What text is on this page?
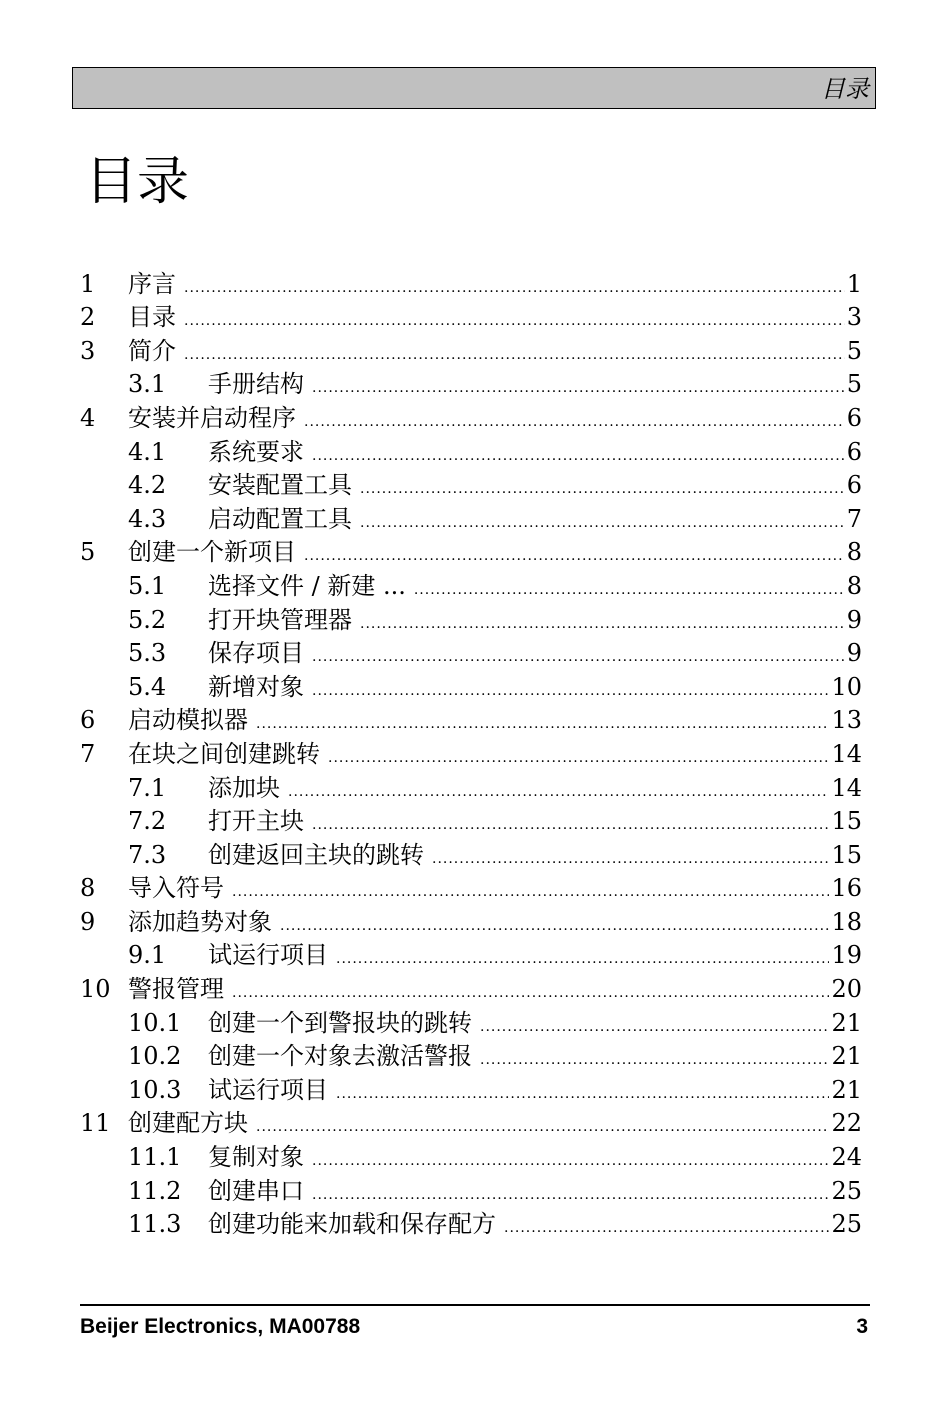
目录
目录
1	序言 .....	1
2	目录 .....	3
3	简介 .....	5
3.1	手册结构 .....	5
4	安装并启动程序 .....	6
4.1	系统要求 .....	6
4.2	安装配置工具 .....	6
4.3	启动配置工具 .....	7
5	创建一个新项目 .....	8
5.1	选择文件 / 新建 ... .....	8
5.2	打开块管理器 .....	9
5.3	保存项目 .....	9
5.4	新增对象 .....	10
6	启动模拟器 .....	13
7	在块之间创建跳转 .....	14
7.1	添加块 .....	14
7.2	打开主块 .....	15
7.3	创建返回主块的跳转 .....	15
8	导入符号 .....	16
9	添加趋势对象 .....	18
9.1	试运行项目 .....	19
10 警报管理 .....	20
10.1	创建一个到警报块的跳转 .....	21
10.2	创建一个对象去激活警报 .....	21
10.3	试运行项目 .....	21
11 创建配方块 .....	22
11.1	复制对象 .....	24
11.2	创建串口 .....	25
11.3	创建功能来加载和保存配方 .....	25
Beijer Electronics, MA00788	3
